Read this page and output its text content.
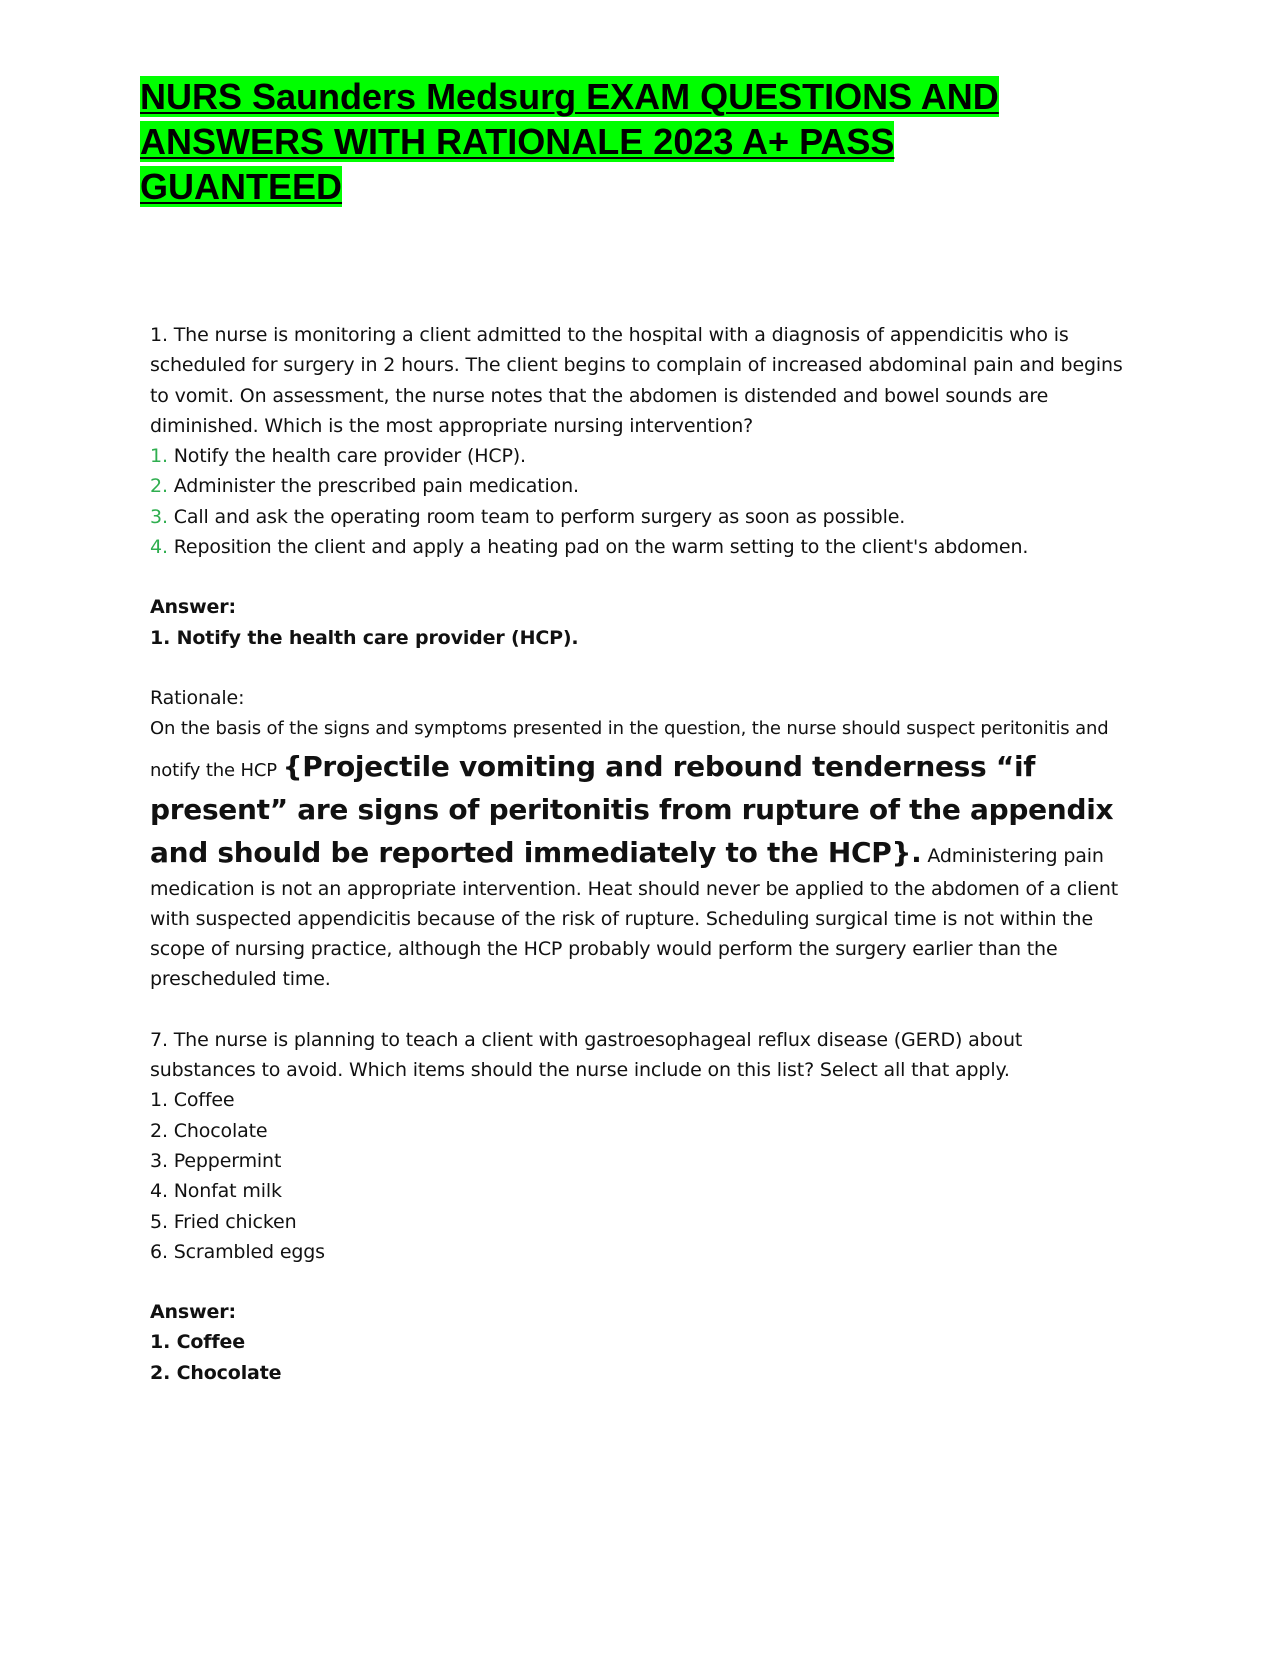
NURS Saunders Medsurg EXAM QUESTIONS AND
ANSWERS WITH RATIONALE 2023 A+ PASS
GUANTEED

1. The nurse is monitoring a client admitted to the hospital with a diagnosis of appendicitis who is scheduled for surgery in 2 hours. The client begins to complain of increased abdominal pain and begins to vomit. On assessment, the nurse notes that the abdomen is distended and bowel sounds are diminished. Which is the most appropriate nursing intervention?

1. Notify the health care provider (HCP).
2. Administer the prescribed pain medication.
3. Call and ask the operating room team to perform surgery as soon as possible.
4. Reposition the client and apply a heating pad on the warm setting to the client's abdomen.

Answer:

1. Notify the health care provider (HCP).

Rationale:

On the basis of the signs and symptoms presented in the question, the nurse should suspect peritonitis and notify the HCP {Projectile vomiting and rebound tenderness “if present” are signs of peritonitis from rupture of the appendix and should be reported immediately to the HCP}. Administering pain medication is not an appropriate intervention. Heat should never be applied to the abdomen of a client with suspected appendicitis because of the risk of rupture. Scheduling surgical time is not within the scope of nursing practice, although the HCP probably would perform the surgery earlier than the prescheduled time.

7. The nurse is planning to teach a client with gastroesophageal reflux disease (GERD) about substances to avoid. Which items should the nurse include on this list? Select all that apply.

1. Coffee
2. Chocolate
3. Peppermint
4. Nonfat milk
5. Fried chicken
6. Scrambled eggs

Answer:

1. Coffee

2. Chocolate
